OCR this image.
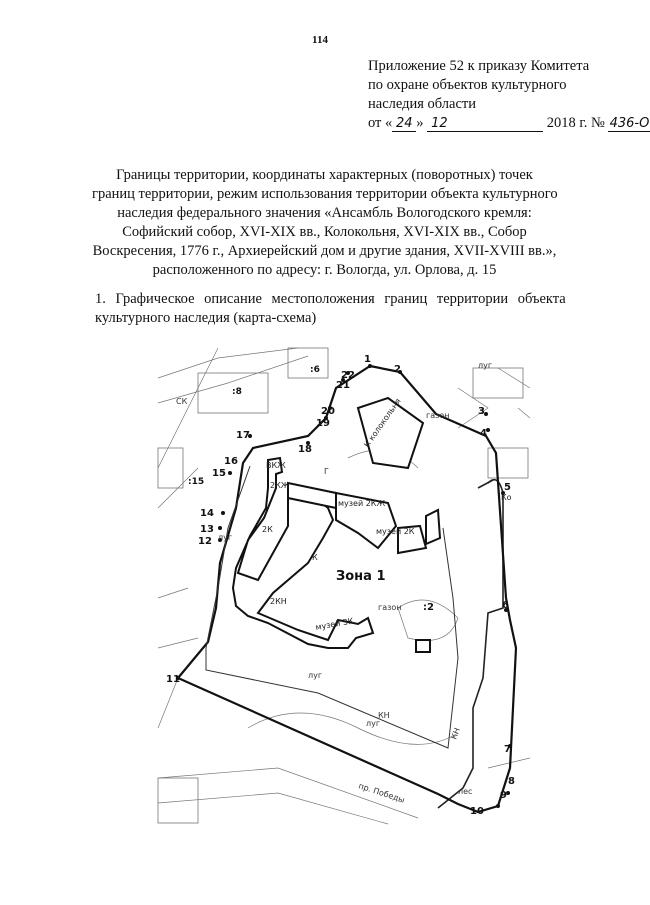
114
Приложение 52 к приказу Комитета
по охране объектов культурного
наследия области
от « 24 » 12	2018 г. № 436-О
Границы территории, координаты характерных (поворотных) точек
границ территории, режим использования территории объекта культурного
наследия федерального значения «Ансамбль Вологодского кремля:
Софийский собор, XVI-XIX вв., Колокольня, XVI-XIX вв., Собор
Воскресения, 1776 г., Архиерейский дом и другие здания, XVII-XVIII вв.»,
расположенного по адресу: г. Вологда, ул. Орлова, д. 15
1. Графическое описание местоположения границ территории объекта
культурного наследия (карта-схема)
1
2
3
4
5
6
7
8
9
10
11
12
13
14
15
16
17
18
19
20
21
22
Зона 1
:2
:8
:6
:15
К колокольня
музей 2КЖ
музей 2К
музей 3К
2КЖ
2К
2КН
ВКЖ
К
Ко
газон
газон
луг
луг
луг
луг
лес
КН
КН
СК
Г
пр. Победы
